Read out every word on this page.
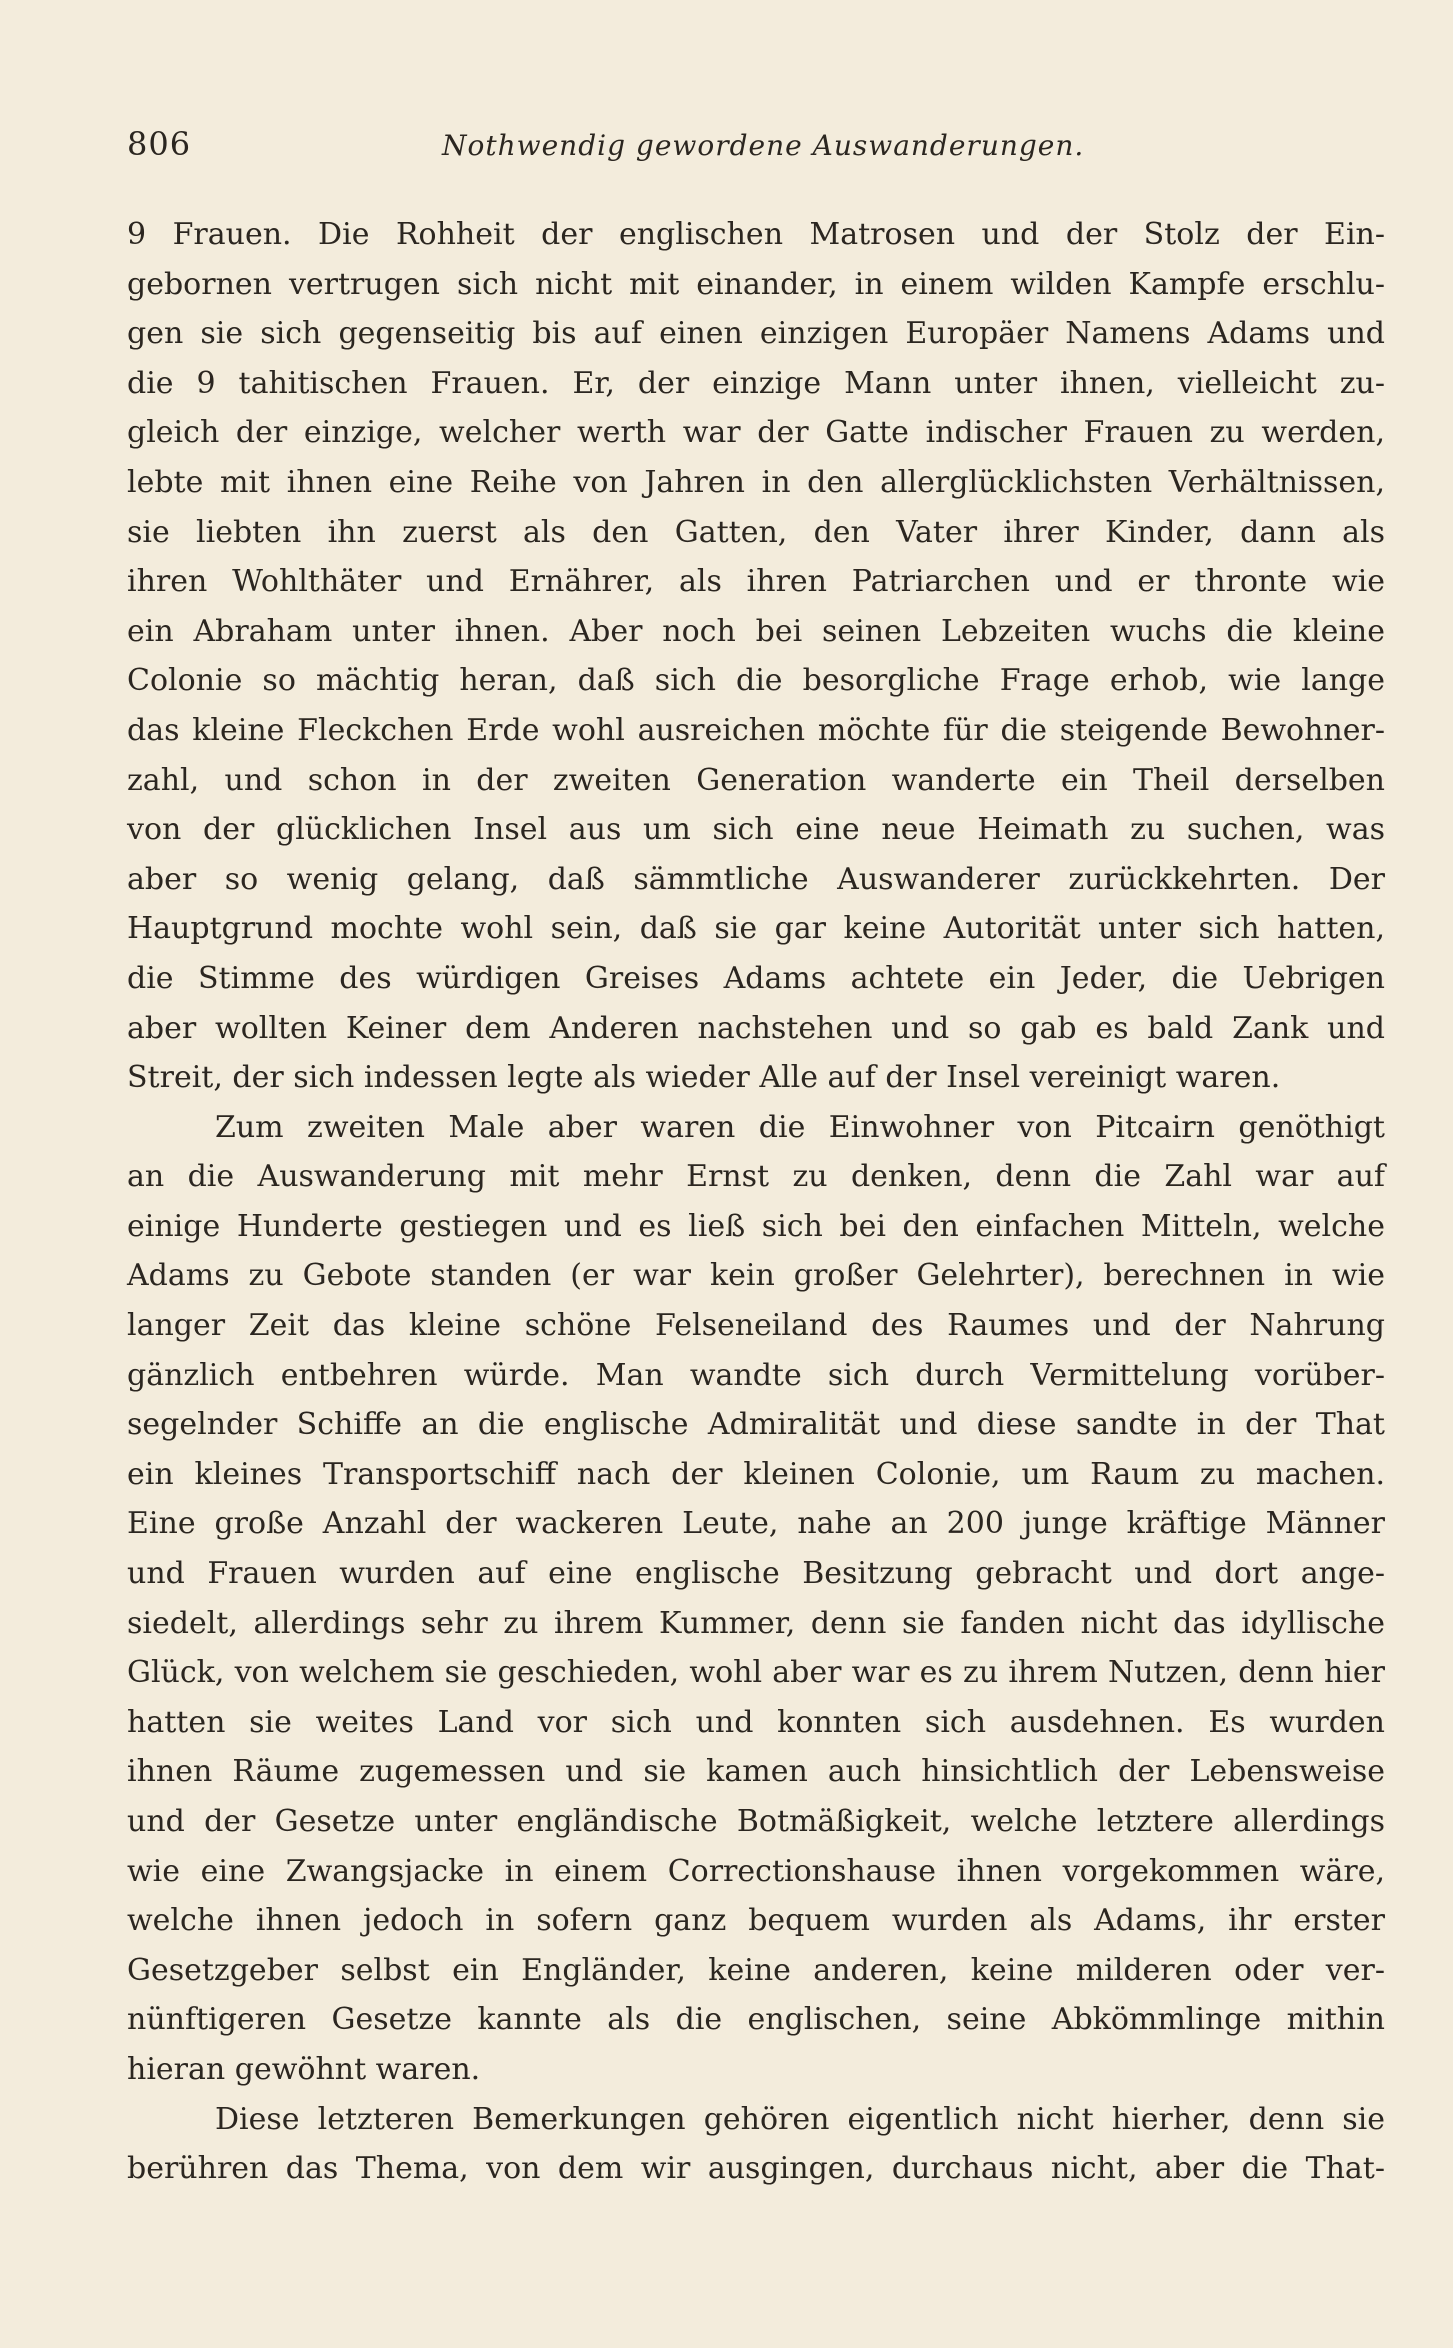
806	Nothwendig gewordene Auswanderungen.
9 Frauen. Die Rohheit der englischen Matrosen und der Stolz der Ein-
gebornen vertrugen sich nicht mit einander, in einem wilden Kampfe erschlu-
gen sie sich gegenseitig bis auf einen einzigen Europäer Namens Adams und
die 9 tahitischen Frauen. Er, der einzige Mann unter ihnen, vielleicht zu-
gleich der einzige, welcher werth war der Gatte indischer Frauen zu werden,
lebte mit ihnen eine Reihe von Jahren in den allerglücklichsten Verhältnissen,
sie liebten ihn zuerst als den Gatten, den Vater ihrer Kinder, dann als
ihren Wohlthäter und Ernährer, als ihren Patriarchen und er thronte wie
ein Abraham unter ihnen. Aber noch bei seinen Lebzeiten wuchs die kleine
Colonie so mächtig heran, daß sich die besorgliche Frage erhob, wie lange
das kleine Fleckchen Erde wohl ausreichen möchte für die steigende Bewohner-
zahl, und schon in der zweiten Generation wanderte ein Theil derselben
von der glücklichen Insel aus um sich eine neue Heimath zu suchen, was
aber so wenig gelang, daß sämmtliche Auswanderer zurückkehrten. Der
Hauptgrund mochte wohl sein, daß sie gar keine Autorität unter sich hatten,
die Stimme des würdigen Greises Adams achtete ein Jeder, die Uebrigen
aber wollten Keiner dem Anderen nachstehen und so gab es bald Zank und
Streit, der sich indessen legte als wieder Alle auf der Insel vereinigt waren.
Zum zweiten Male aber waren die Einwohner von Pitcairn genöthigt
an die Auswanderung mit mehr Ernst zu denken, denn die Zahl war auf
einige Hunderte gestiegen und es ließ sich bei den einfachen Mitteln, welche
Adams zu Gebote standen (er war kein großer Gelehrter), berechnen in wie
langer Zeit das kleine schöne Felseneiland des Raumes und der Nahrung
gänzlich entbehren würde. Man wandte sich durch Vermittelung vorüber-
segelnder Schiffe an die englische Admiralität und diese sandte in der That
ein kleines Transportschiff nach der kleinen Colonie, um Raum zu machen.
Eine große Anzahl der wackeren Leute, nahe an 200 junge kräftige Männer
und Frauen wurden auf eine englische Besitzung gebracht und dort ange-
siedelt, allerdings sehr zu ihrem Kummer, denn sie fanden nicht das idyllische
Glück, von welchem sie geschieden, wohl aber war es zu ihrem Nutzen, denn hier
hatten sie weites Land vor sich und konnten sich ausdehnen. Es wurden
ihnen Räume zugemessen und sie kamen auch hinsichtlich der Lebensweise
und der Gesetze unter engländische Botmäßigkeit, welche letztere allerdings
wie eine Zwangsjacke in einem Correctionshause ihnen vorgekommen wäre,
welche ihnen jedoch in sofern ganz bequem wurden als Adams, ihr erster
Gesetzgeber selbst ein Engländer, keine anderen, keine milderen oder ver-
nünftigeren Gesetze kannte als die englischen, seine Abkömmlinge mithin
hieran gewöhnt waren.
Diese letzteren Bemerkungen gehören eigentlich nicht hierher, denn sie
berühren das Thema, von dem wir ausgingen, durchaus nicht, aber die That-
